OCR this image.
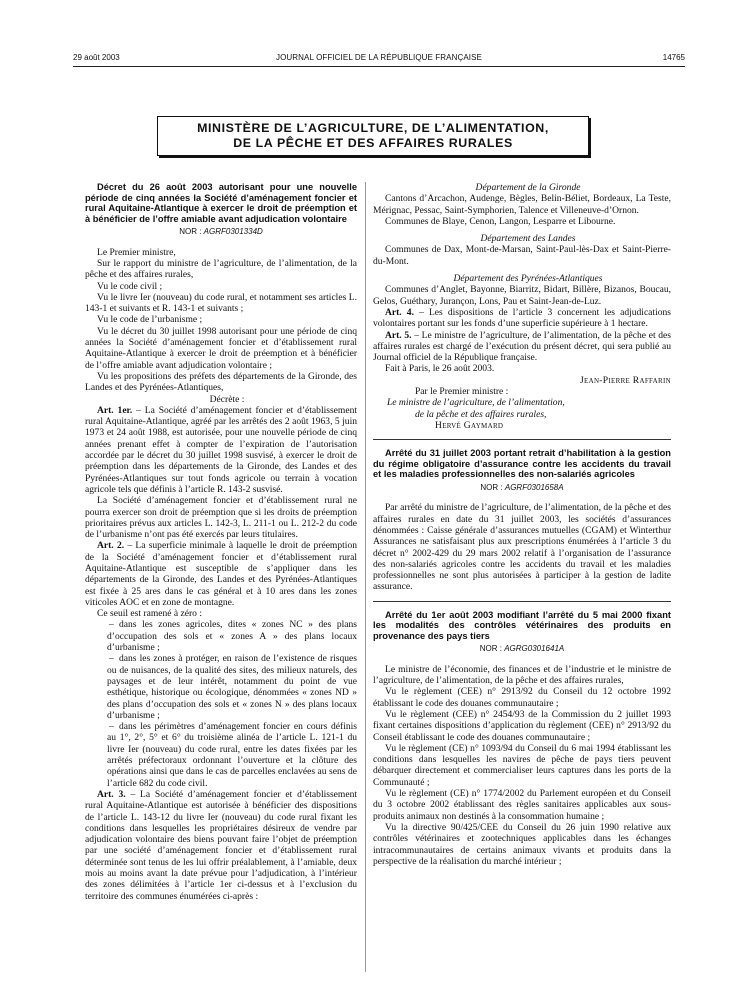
29 août 2003	JOURNAL OFFICIEL DE LA RÉPUBLIQUE FRANÇAISE	14765
MINISTÈRE DE L’AGRICULTURE, DE L’ALIMENTATION,
DE LA PÊCHE ET DES AFFAIRES RURALES

Décret du 26 août 2003 autorisant pour une nouvelle période de cinq années la Société d’aménagement foncier et rural Aquitaine-Atlantique à exercer le droit de préemption et à bénéficier de l’offre amiable avant adjudication volontaire

NOR : AGRF0301334D

Le Premier ministre,

Sur le rapport du ministre de l’agriculture, de l’alimentation, de la pêche et des affaires rurales,

Vu le code civil ;

Vu le livre Ier (nouveau) du code rural, et notamment ses articles L. 143-1 et suivants et R. 143-1 et suivants ;

Vu le code de l’urbanisme ;

Vu le décret du 30 juillet 1998 autorisant pour une période de cinq années la Société d’aménagement foncier et d’établissement rural Aquitaine-Atlantique à exercer le droit de préemption et à bénéficier de l’offre amiable avant adjudication volontaire ;

Vu les propositions des préfets des départements de la Gironde, des Landes et des Pyrénées-Atlantiques,

Décrète :

Art. 1er. – La Société d’aménagement foncier et d’établissement rural Aquitaine-Atlantique, agréé par les arrêtés des 2 août 1963, 5 juin 1973 et 24 août 1988, est autorisée, pour une nouvelle période de cinq années prenant effet à compter de l’expiration de l’autorisation accordée par le décret du 30 juillet 1998 susvisé, à exercer le droit de préemption dans les départements de la Gironde, des Landes et des Pyrénées-Atlantiques sur tout fonds agricole ou terrain à vocation agricole tels que définis à l’article R. 143-2 susvisé.

La Société d’aménagement foncier et d’établissement rural ne pourra exercer son droit de préemption que si les droits de préemption prioritaires prévus aux articles L. 142-3, L. 211-1 ou L. 212-2 du code de l’urbanisme n’ont pas été exercés par leurs titulaires.

Art. 2. – La superficie minimale à laquelle le droit de préemption de la Société d’aménagement foncier et d’établissement rural Aquitaine-Atlantique est susceptible de s’appliquer dans les départements de la Gironde, des Landes et des Pyrénées-Atlantiques est fixée à 25 ares dans le cas général et à 10 ares dans les zones viticoles AOC et en zone de montagne.

Ce seuil est ramené à zéro :

– dans les zones agricoles, dites « zones NC » des plans d’occupation des sols et « zones A » des plans locaux d’urbanisme ;

– dans les zones à protéger, en raison de l’existence de risques ou de nuisances, de la qualité des sites, des milieux naturels, des paysages et de leur intérêt, notamment du point de vue esthétique, historique ou écologique, dénommées « zones ND » des plans d’occupation des sols et « zones N » des plans locaux d’urbanisme ;

– dans les périmètres d’aménagement foncier en cours définis au 1°, 2°, 5° et 6° du troisième alinéa de l’article L. 121-1 du livre Ier (nouveau) du code rural, entre les dates fixées par les arrêtés préfectoraux ordonnant l’ouverture et la clôture des opérations ainsi que dans le cas de parcelles enclavées au sens de l’article 682 du code civil.

Art. 3. – La Société d’aménagement foncier et d’établissement rural Aquitaine-Atlantique est autorisée à bénéficier des dispositions de l’article L. 143-12 du livre Ier (nouveau) du code rural fixant les conditions dans lesquelles les propriétaires désireux de vendre par adjudication volontaire des biens pouvant faire l’objet de préemption par une société d’aménagement foncier et d’établissement rural déterminée sont tenus de les lui offrir préalablement, à l’amiable, deux mois au moins avant la date prévue pour l’adjudication, à l’intérieur des zones délimitées à l’article 1er ci-dessus et à l’exclusion du territoire des communes énumérées ci-après :

Département de la Gironde

Cantons d’Arcachon, Audenge, Bègles, Belin-Béliet, Bordeaux, La Teste, Mérignac, Pessac, Saint-Symphorien, Talence et Villeneuve-d’Ornon.

Communes de Blaye, Cenon, Langon, Lesparre et Libourne.

Département des Landes

Communes de Dax, Mont-de-Marsan, Saint-Paul-lès-Dax et Saint-Pierre-du-Mont.

Département des Pyrénées-Atlantiques

Communes d’Anglet, Bayonne, Biarritz, Bidart, Billère, Bizanos, Boucau, Gelos, Guéthary, Jurançon, Lons, Pau et Saint-Jean-de-Luz.

Art. 4. – Les dispositions de l’article 3 concernent les adjudications volontaires portant sur les fonds d’une superficie supérieure à 1 hectare.

Art. 5. – Le ministre de l’agriculture, de l’alimentation, de la pêche et des affaires rurales est chargé de l’exécution du présent décret, qui sera publié au Journal officiel de la République française.

Fait à Paris, le 26 août 2003.

Jean-Pierre Raffarin

Par le Premier ministre :

Le ministre de l’agriculture, de l’alimentation,

de la pêche et des affaires rurales,

Hervé Gaymard

Arrêté du 31 juillet 2003 portant retrait d’habilitation à la gestion du régime obligatoire d’assurance contre les accidents du travail et les maladies professionnelles des non-salariés agricoles

NOR : AGRF0301658A

Par arrêté du ministre de l’agriculture, de l’alimentation, de la pêche et des affaires rurales en date du 31 juillet 2003, les sociétés d’assurances dénommées : Caisse générale d’assurances mutuelles (CGAM) et Winterthur Assurances ne satisfaisant plus aux prescriptions énumérées à l’article 3 du décret n° 2002-429 du 29 mars 2002 relatif à l’organisation de l’assurance des non-salariés agricoles contre les accidents du travail et les maladies professionnelles ne sont plus autorisées à participer à la gestion de ladite assurance.

Arrêté du 1er août 2003 modifiant l’arrêté du 5 mai 2000 fixant les modalités des contrôles vétérinaires des produits en provenance des pays tiers

NOR : AGRG0301641A

Le ministre de l’économie, des finances et de l’industrie et le ministre de l’agriculture, de l’alimentation, de la pêche et des affaires rurales,

Vu le règlement (CEE) n° 2913/92 du Conseil du 12 octobre 1992 établissant le code des douanes communautaire ;

Vu le règlement (CEE) n° 2454/93 de la Commission du 2 juillet 1993 fixant certaines dispositions d’application du règlement (CEE) n° 2913/92 du Conseil établissant le code des douanes communautaire ;

Vu le règlement (CE) n° 1093/94 du Conseil du 6 mai 1994 établissant les conditions dans lesquelles les navires de pêche de pays tiers peuvent débarquer directement et commercialiser leurs captures dans les ports de la Communauté ;

Vu le règlement (CE) n° 1774/2002 du Parlement européen et du Conseil du 3 octobre 2002 établissant des règles sanitaires applicables aux sous-produits animaux non destinés à la consommation humaine ;

Vu la directive 90/425/CEE du Conseil du 26 juin 1990 relative aux contrôles vétérinaires et zootechniques applicables dans les échanges intracommunautaires de certains animaux vivants et produits dans la perspective de la réalisation du marché intérieur ;
